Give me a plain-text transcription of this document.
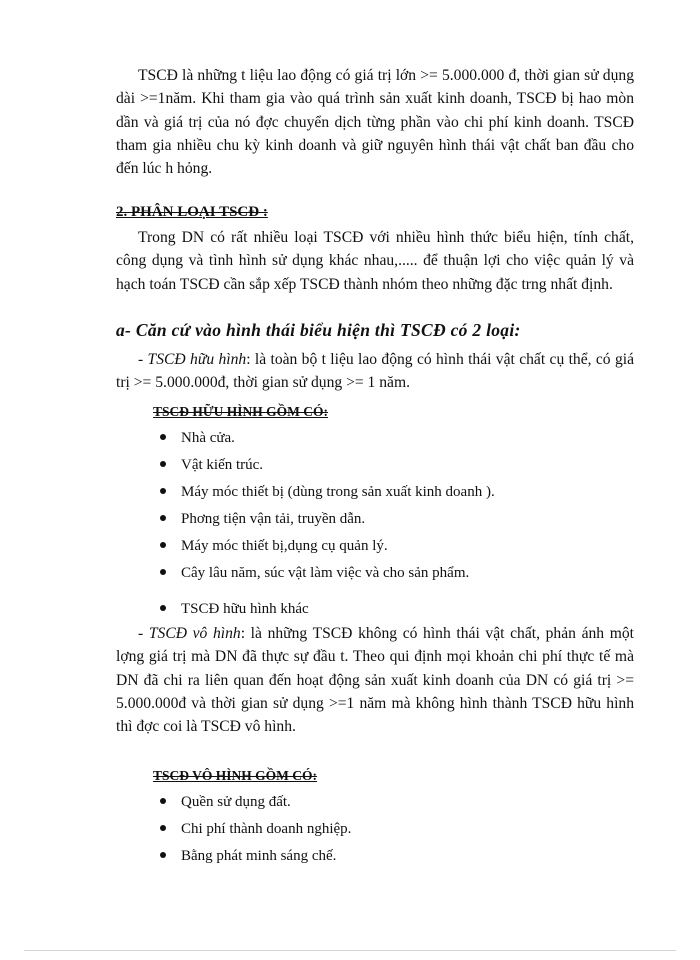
TSCĐ là những t liệu lao động có giá trị lớn >= 5.000.000 đ, thời gian sử dụng dài >=1năm. Khi tham gia vào quá trình sản xuất kinh doanh, TSCĐ bị hao mòn dần và giá trị của nó đợc chuyển dịch từng phần vào chi phí kinh doanh. TSCĐ tham gia nhiều chu kỳ kinh doanh và giữ nguyên hình thái vật chất ban đầu cho đến lúc h hỏng.

2. PHÂN LOẠI TSCĐ :

Trong DN có rất nhiều loại TSCĐ với nhiều hình thức biểu hiện, tính chất, công dụng và tình hình sử dụng khác nhau,..... để thuận lợi cho việc quản lý và hạch toán TSCĐ cần sắp xếp TSCĐ thành nhóm theo những đặc trng nhất định.

a- Căn cứ vào hình thái biểu hiện thì TSCĐ có 2 loại:

- TSCĐ hữu hình: là toàn bộ t liệu lao động có hình thái vật chất cụ thể, có giá trị >= 5.000.000đ, thời gian sử dụng >= 1 năm.

TSCĐ HỮU HÌNH GỒM CÓ:

Nhà cửa.
Vật kiến trúc.
Máy móc thiết bị (dùng trong sản xuất kinh doanh ).
Phơng tiện vận tải, truyền dẫn.
Máy móc thiết bị,dụng cụ quản lý.
Cây lâu năm, súc vật làm việc và cho sản phẩm.
TSCĐ hữu hình khác

- TSCĐ vô hình: là những TSCĐ không có hình thái vật chất, phản ánh một lợng giá trị mà DN đã thực sự đầu t. Theo qui định mọi khoản chi phí thực tế mà DN đã chi ra liên quan đến hoạt động sản xuất kinh doanh của DN có giá trị >= 5.000.000đ và thời gian sử dụng >=1 năm mà không hình thành TSCĐ hữu hình thì đợc coi là TSCĐ vô hình.

TSCĐ VÔ HÌNH GỒM CÓ:

Quền sử dụng đất.
Chi phí thành doanh nghiệp.
Bằng phát minh sáng chế.
